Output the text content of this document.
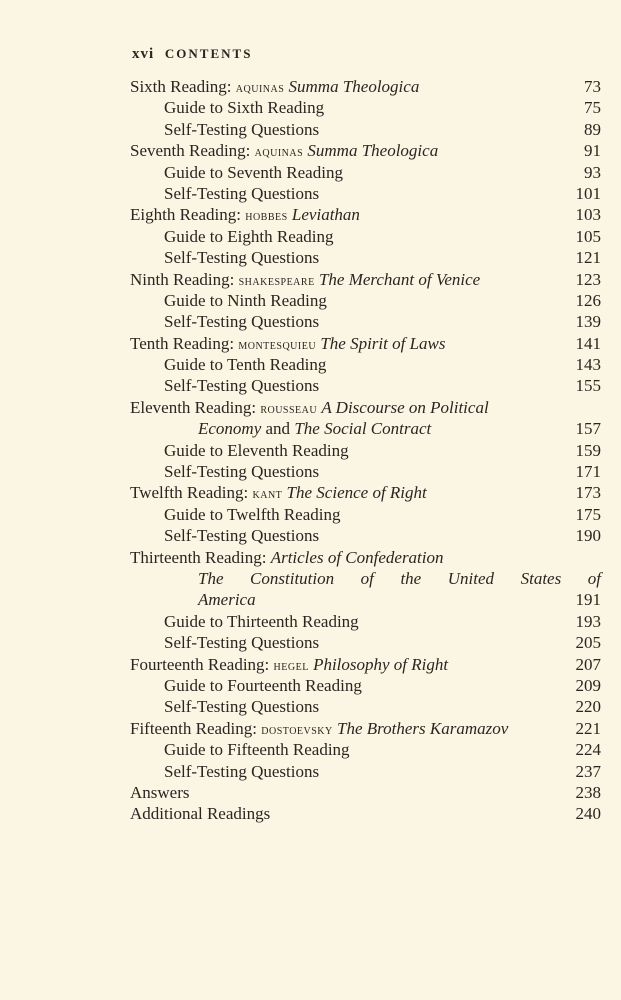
xvi CONTENTS
Sixth Reading: aquinas Summa Theologica	73
Guide to Sixth Reading	75
Self-Testing Questions	89
Seventh Reading: aquinas Summa Theologica	91
Guide to Seventh Reading	93
Self-Testing Questions	101
Eighth Reading: hobbes Leviathan	103
Guide to Eighth Reading	105
Self-Testing Questions	121
Ninth Reading: shakespeare The Merchant of Venice	123
Guide to Ninth Reading	126
Self-Testing Questions	139
Tenth Reading: montesquieu The Spirit of Laws	141
Guide to Tenth Reading	143
Self-Testing Questions	155
Eleventh Reading: rousseau A Discourse on Political
Economy and The Social Contract	157
Guide to Eleventh Reading	159
Self-Testing Questions	171
Twelfth Reading: kant The Science of Right	173
Guide to Twelfth Reading	175
Self-Testing Questions	190
Thirteenth Reading: Articles of Confederation
The Constitution of the United States of
America	191
Guide to Thirteenth Reading	193
Self-Testing Questions	205
Fourteenth Reading: hegel Philosophy of Right	207
Guide to Fourteenth Reading	209
Self-Testing Questions	220
Fifteenth Reading: dostoevsky The Brothers Karamazov	221
Guide to Fifteenth Reading	224
Self-Testing Questions	237
Answers	238
Additional Readings	240
